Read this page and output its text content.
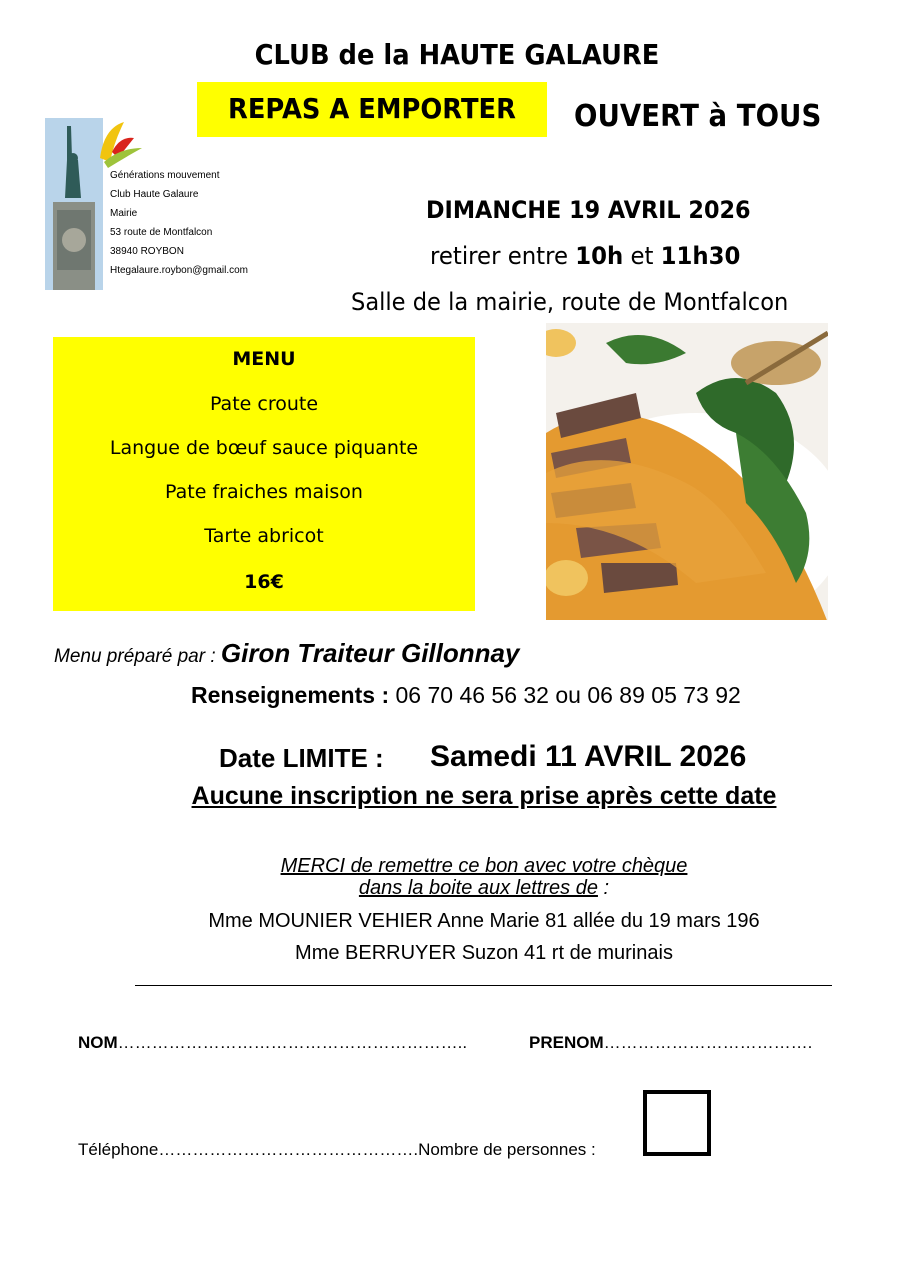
CLUB de la HAUTE GALAURE
REPAS A EMPORTER	OUVERT à TOUS
Générations mouvement
Club Haute Galaure
Mairie
53 route de Montfalcon
38940 ROYBON
Htegalaure.roybon@gmail.com
DIMANCHE 19 AVRIL 2026
retirer entre 10h et 11h30
Salle de la mairie, route de Montfalcon
MENU
Pate croute
Langue de bœuf sauce piquante
Pate fraiches maison
Tarte abricot
16€
Menu préparé par : Giron Traiteur Gillonnay
Renseignements : 06 70 46 56 32 ou 06 89 05 73 92
Date LIMITE : Samedi 11 AVRIL 2026
Aucune inscription ne sera prise après cette date
MERCI de remettre ce bon avec votre chèque
dans la boite aux lettres de :
Mme MOUNIER VEHIER Anne Marie 81 allée du 19 mars 196
Mme BERRUYER Suzon 41 rt de murinais
NOM……………………………………………………..	PRENOM……………………………….
Téléphone……………………………………….Nombre de personnes :
